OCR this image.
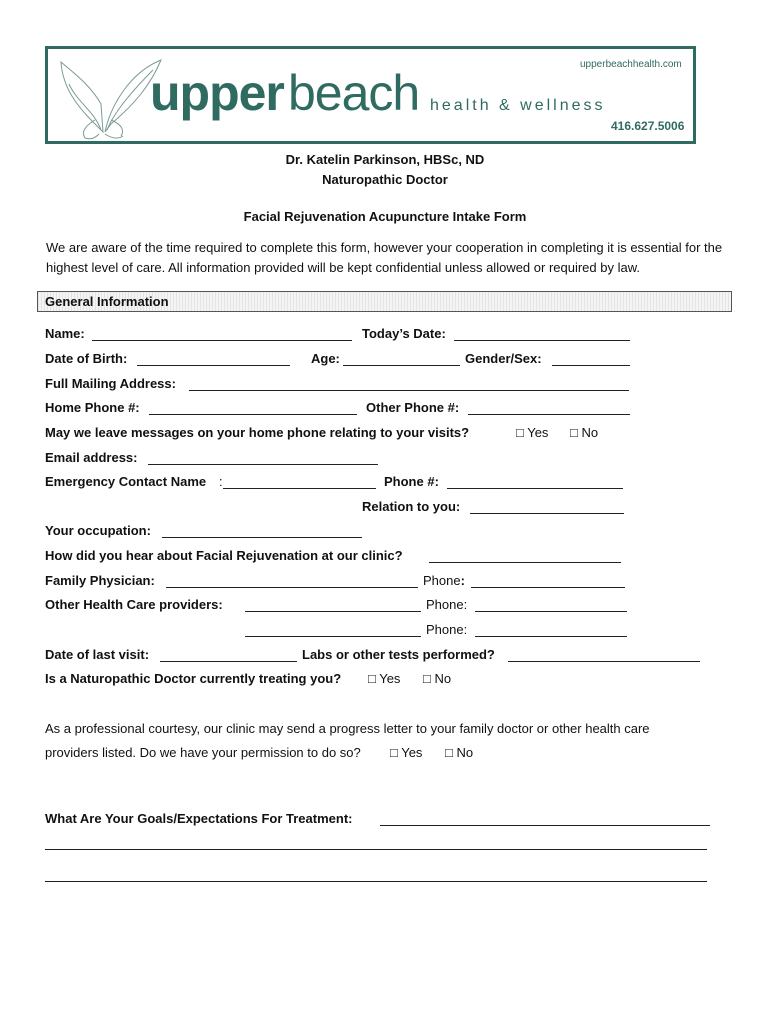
upper beach health & wellness
upperbeachhealth.com
416.627.5006
Dr. Katelin Parkinson, HBSc, ND
Naturopathic Doctor
Facial Rejuvenation Acupuncture Intake Form
We are aware of the time required to complete this form, however your cooperation in completing it is essential for the highest level of care. All information provided will be kept confidential unless allowed or required by law.
General Information
Name:	Today’s Date:
Date of Birth:	Age:	Gender/Sex:
Full Mailing Address:
Home Phone #:	Other Phone #:
May we leave messages on your home phone relating to your visits?	□ Yes □ No
Email address:
Emergency Contact Name :	Phone #:
Relation to you:
Your occupation:
How did you hear about Facial Rejuvenation at our clinic?
Family Physician:	Phone:
Other Health Care providers:	Phone:
Phone:
Date of last visit:	Labs or other tests performed?
Is a Naturopathic Doctor currently treating you? □ Yes □ No
As a professional courtesy, our clinic may send a progress letter to your family doctor or other health care
providers listed. Do we have your permission to do so? □ Yes □ No
What Are Your Goals/Expectations For Treatment:
